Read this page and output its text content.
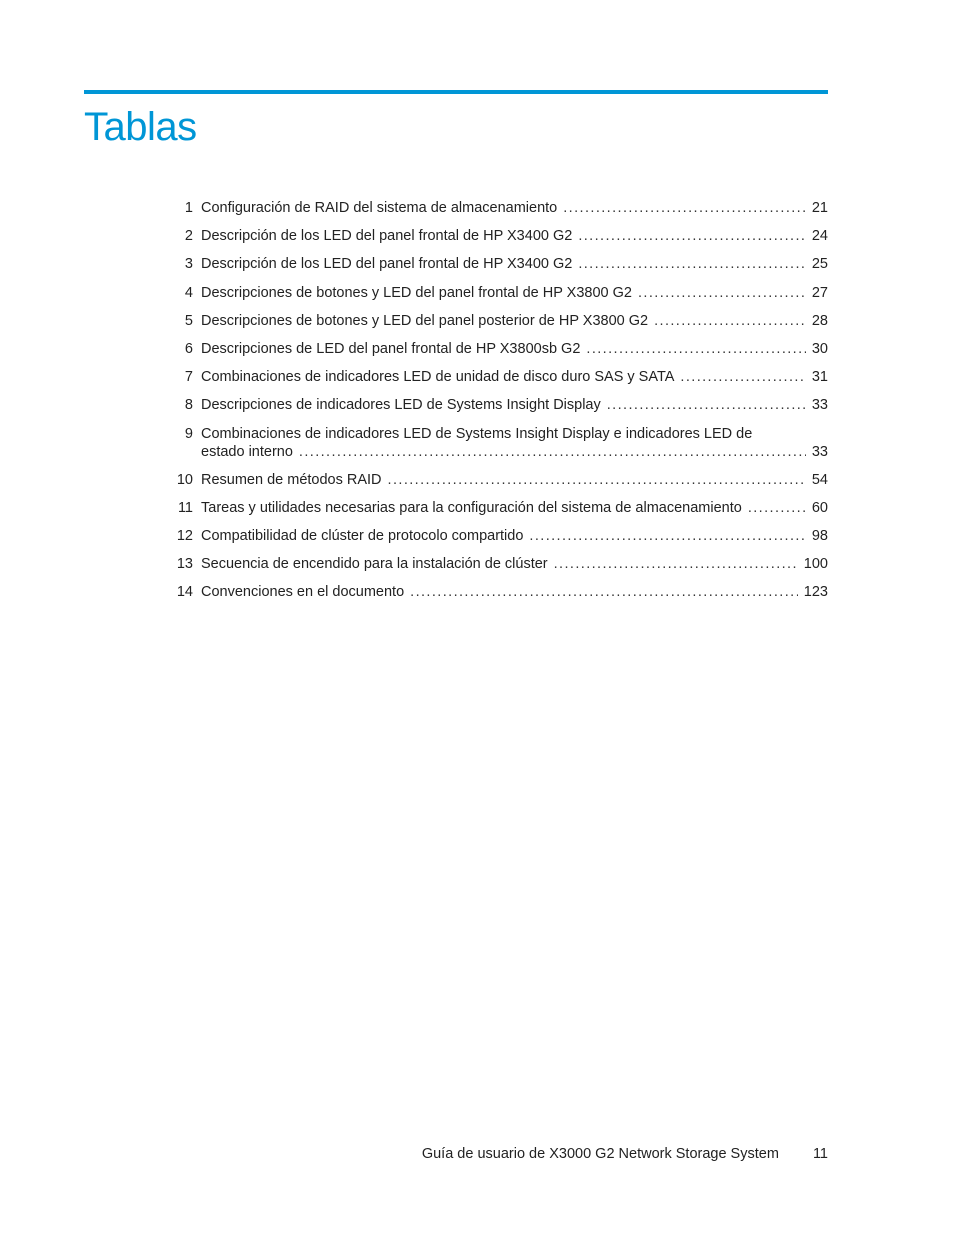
Tablas
1 Configuración de RAID del sistema de almacenamiento .....	21
2 Descripción de los LED del panel frontal de HP X3400 G2 .....	24
3 Descripción de los LED del panel frontal de HP X3400 G2 .....	25
4 Descripciones de botones y LED del panel frontal de HP X3800 G2 .....	27
5 Descripciones de botones y LED del panel posterior de HP X3800 G2 .....	28
6 Descripciones de LED del panel frontal de HP X3800sb G2 .....	30
7 Combinaciones de indicadores LED de unidad de disco duro SAS y SATA .....	31
8 Descripciones de indicadores LED de Systems Insight Display .....	33
9 Combinaciones de indicadores LED de Systems Insight Display e indicadores LED de
estado interno .....	33
10 Resumen de métodos RAID .....	54
11 Tareas y utilidades necesarias para la configuración del sistema de almacenamiento .....	60
12 Compatibilidad de clúster de protocolo compartido .....	98
13 Secuencia de encendido para la instalación de clúster .....	100
14 Convenciones en el documento .....	123
Guía de usuario de X3000 G2 Network Storage System 11
